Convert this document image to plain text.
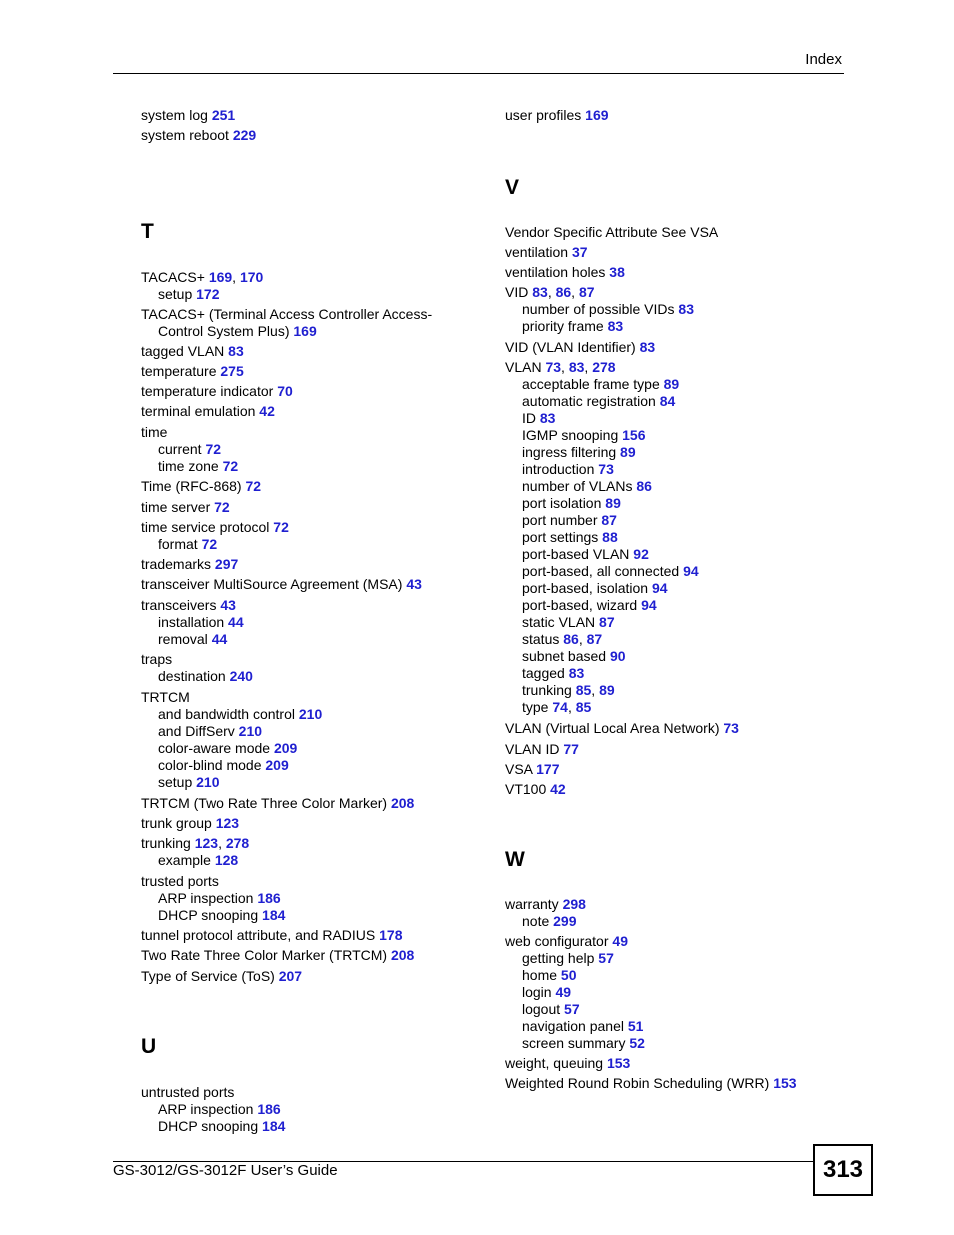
Index
system log 251
system reboot 229
T
TACACS+ 169, 170
setup 172
TACACS+ (Terminal Access Controller Access-
Control System Plus) 169
tagged VLAN 83
temperature 275
temperature indicator 70
terminal emulation 42
time
current 72
time zone 72
Time (RFC-868) 72
time server 72
time service protocol 72
format 72
trademarks 297
transceiver MultiSource Agreement (MSA) 43
transceivers 43
installation 44
removal 44
traps
destination 240
TRTCM
and bandwidth control 210
and DiffServ 210
color-aware mode 209
color-blind mode 209
setup 210
TRTCM (Two Rate Three Color Marker) 208
trunk group 123
trunking 123, 278
example 128
trusted ports
ARP inspection 186
DHCP snooping 184
tunnel protocol attribute, and RADIUS 178
Two Rate Three Color Marker (TRTCM) 208
Type of Service (ToS) 207
U
untrusted ports
ARP inspection 186
DHCP snooping 184
user profiles 169
V
Vendor Specific Attribute See VSA
ventilation 37
ventilation holes 38
VID 83, 86, 87
number of possible VIDs 83
priority frame 83
VID (VLAN Identifier) 83
VLAN 73, 83, 278
acceptable frame type 89
automatic registration 84
ID 83
IGMP snooping 156
ingress filtering 89
introduction 73
number of VLANs 86
port isolation 89
port number 87
port settings 88
port-based VLAN 92
port-based, all connected 94
port-based, isolation 94
port-based, wizard 94
static VLAN 87
status 86, 87
subnet based 90
tagged 83
trunking 85, 89
type 74, 85
VLAN (Virtual Local Area Network) 73
VLAN ID 77
VSA 177
VT100 42
W
warranty 298
note 299
web configurator 49
getting help 57
home 50
login 49
logout 57
navigation panel 51
screen summary 52
weight, queuing 153
Weighted Round Robin Scheduling (WRR) 153
GS-3012/GS-3012F User’s Guide	313
